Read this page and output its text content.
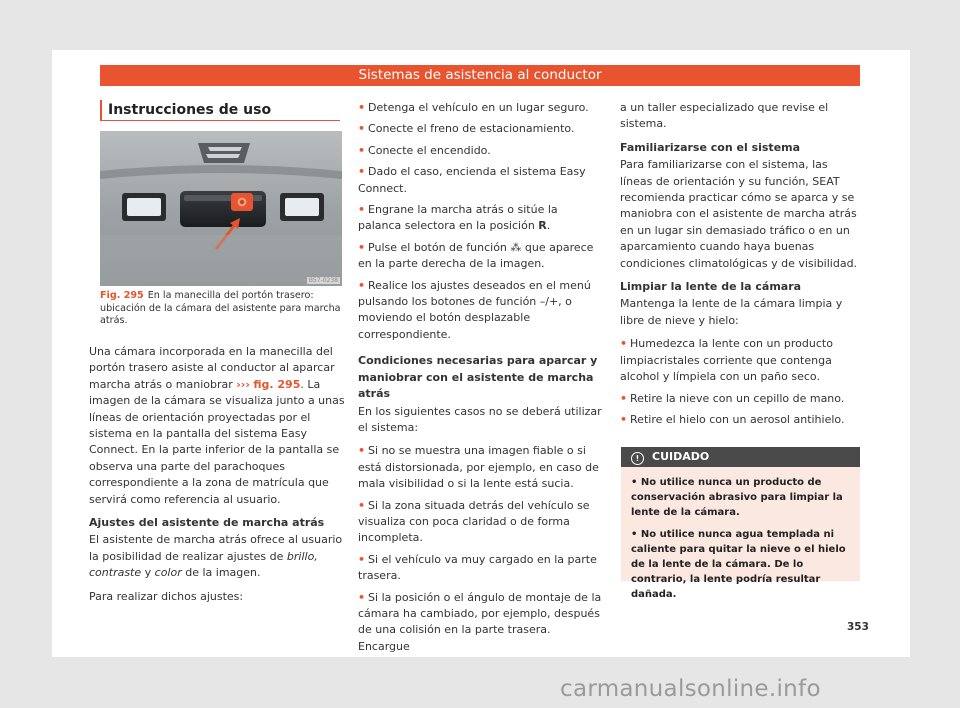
Sistemas de asistencia al conductor
Instrucciones de uso
B57-0238
Fig. 295 En la manecilla del portón trasero: ubicación de la cámara del asistente para marcha atrás.

Una cámara incorporada en la manecilla del portón trasero asiste al conductor al aparcar marcha atrás o maniobrar ››› fig. 295. La imagen de la cámara se visualiza junto a unas líneas de orientación proyectadas por el sistema en la pantalla del sistema Easy Connect. En la parte inferior de la pantalla se observa una parte del parachoques correspondiente a la zona de matrícula que servirá como referencia al usuario.

Ajustes del asistente de marcha atrás

El asistente de marcha atrás ofrece al usuario la posibilidad de realizar ajustes de brillo, contraste y color de la imagen.

Para realizar dichos ajustes:

• Detenga el vehículo en un lugar seguro.
• Conecte el freno de estacionamiento.
• Conecte el encendido.
• Dado el caso, encienda el sistema Easy Connect.
• Engrane la marcha atrás o sitúe la palanca selectora en la posición R.
• Pulse el botón de función ⁂ que aparece en la parte derecha de la imagen.
• Realice los ajustes deseados en el menú pulsando los botones de función –/+, o moviendo el botón desplazable correspondiente.
Condiciones necesarias para aparcar y maniobrar con el asistente de marcha atrás

En los siguientes casos no se deberá utilizar el sistema:

• Si no se muestra una imagen fiable o si está distorsionada, por ejemplo, en caso de mala visibilidad o si la lente está sucia.
• Si la zona situada detrás del vehículo se visualiza con poca claridad o de forma incompleta.
• Si el vehículo va muy cargado en la parte trasera.
• Si la posición o el ángulo de montaje de la cámara ha cambiado, por ejemplo, después de una colisión en la parte trasera. Encargue

a un taller especializado que revise el sistema.

Familiarizarse con el sistema

Para familiarizarse con el sistema, las líneas de orientación y su función, SEAT recomienda practicar cómo se aparca y se maniobra con el asistente de marcha atrás en un lugar sin demasiado tráfico o en un aparcamiento cuando haya buenas condiciones climatológicas y de visibilidad.

Limpiar la lente de la cámara

Mantenga la lente de la cámara limpia y libre de nieve y hielo:

• Humedezca la lente con un producto limpiacristales corriente que contenga alcohol y límpiela con un paño seco.
• Retire la nieve con un cepillo de mano.
• Retire el hielo con un aerosol antihielo.
! CUIDADO
• No utilice nunca un producto de conservación abrasivo para limpiar la lente de la cámara.
• No utilice nunca agua templada ni caliente para quitar la nieve o el hielo de la lente de la cámara. De lo contrario, la lente podría resultar dañada.
353
carmanualsonline.info
